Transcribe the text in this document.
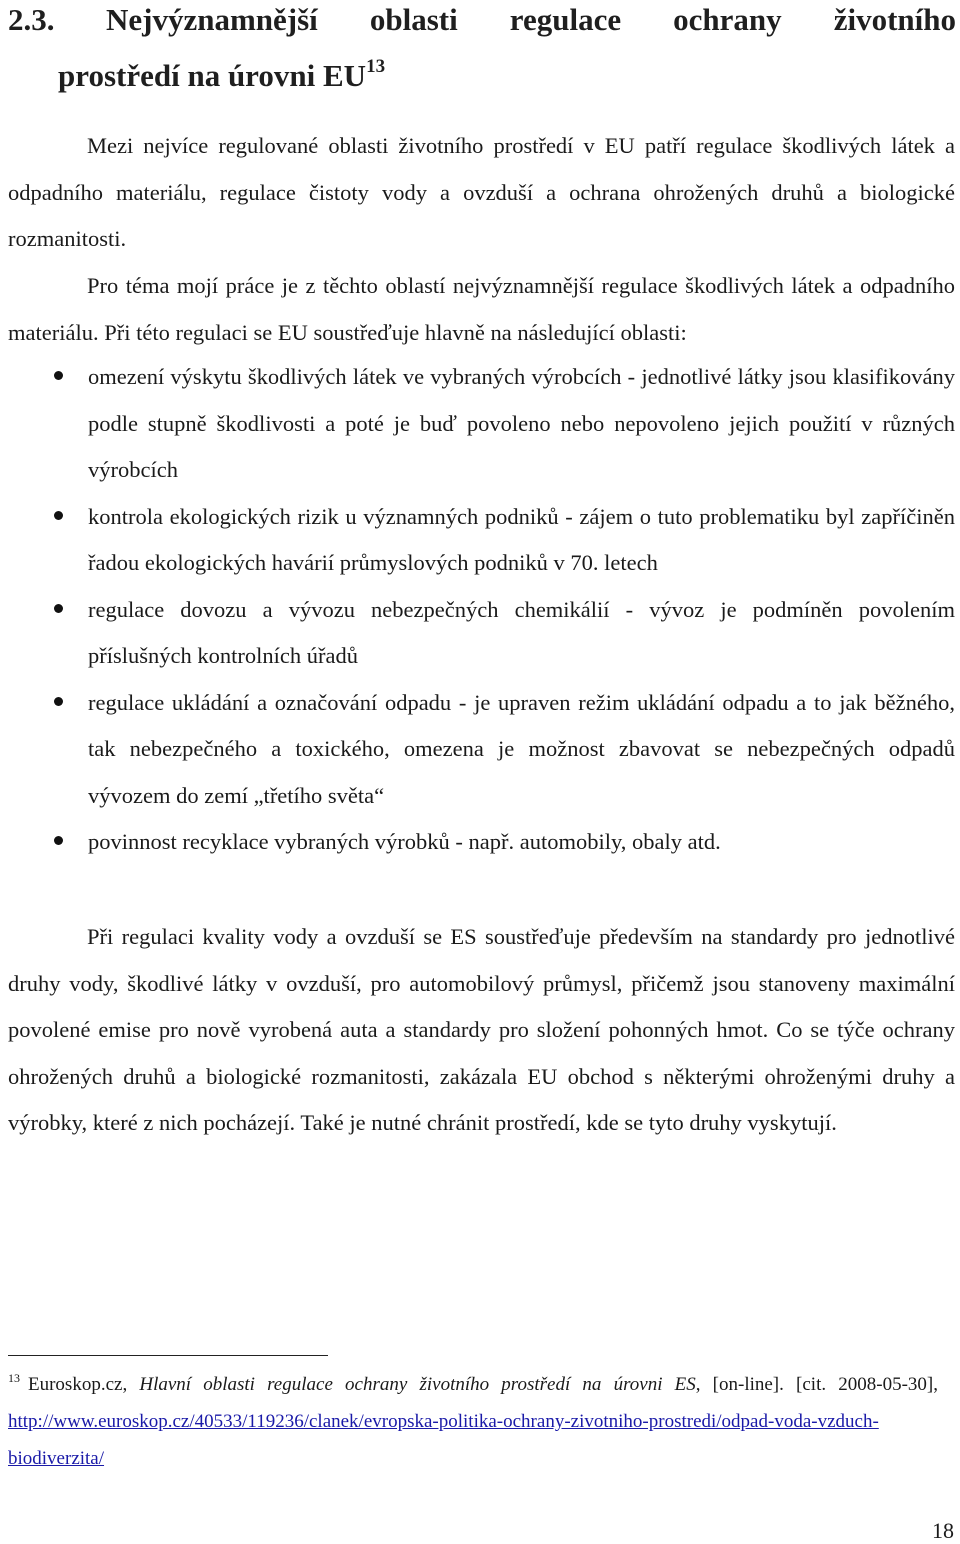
2.3. Nejvýznamnější oblasti regulace ochrany životního
prostředí na úrovni EU$^{13}$

Mezi nejvíce regulované oblasti životního prostředí v EU patří regulace škodlivých látek a odpadního materiálu, regulace čistoty vody a ovzduší a ochrana ohrožených druhů a biologické rozmanitosti.

Pro téma mojí práce je z těchto oblastí nejvýznamnější regulace škodlivých látek a odpadního materiálu. Při této regulaci se EU soustřeďuje hlavně na následující oblasti:

omezení výskytu škodlivých látek ve vybraných výrobcích - jednotlivé látky jsou klasifikovány podle stupně škodlivosti a poté je buď povoleno nebo nepovoleno jejich použití v různých výrobcích
kontrola ekologických rizik u významných podniků - zájem o tuto problematiku byl zapříčiněn řadou ekologických havárií průmyslových podniků v 70. letech
regulace dovozu a vývozu nebezpečných chemikálií - vývoz je podmíněn povolením příslušných kontrolních úřadů
regulace ukládání a označování odpadu - je upraven režim ukládání odpadu a to jak běžného, tak nebezpečného a toxického, omezena je možnost zbavovat se nebezpečných odpadů vývozem do zemí „třetího světa“
povinnost recyklace vybraných výrobků - např. automobily, obaly atd.

Při regulaci kvality vody a ovzduší se ES soustřeďuje především na standardy pro jednotlivé druhy vody, škodlivé látky v ovzduší, pro automobilový průmysl, přičemž jsou stanoveny maximální povolené emise pro nově vyrobená auta a standardy pro složení pohonných hmot. Co se týče ochrany ohrožených druhů a biologické rozmanitosti, zakázala EU obchod s některými ohroženými druhy a výrobky, které z nich pocházejí. Také je nutné chránit prostředí, kde se tyto druhy vyskytují.

$^{13}$ Euroskop.cz, Hlavní oblasti regulace ochrany životního prostředí na úrovni ES, [on-line]. [cit. 2008-05-30], http://www.euroskop.cz/40533/119236/clanek/evropska-politika-ochrany-zivotniho-prostredi/odpad-voda-vzduch-biodiverzita/
18
